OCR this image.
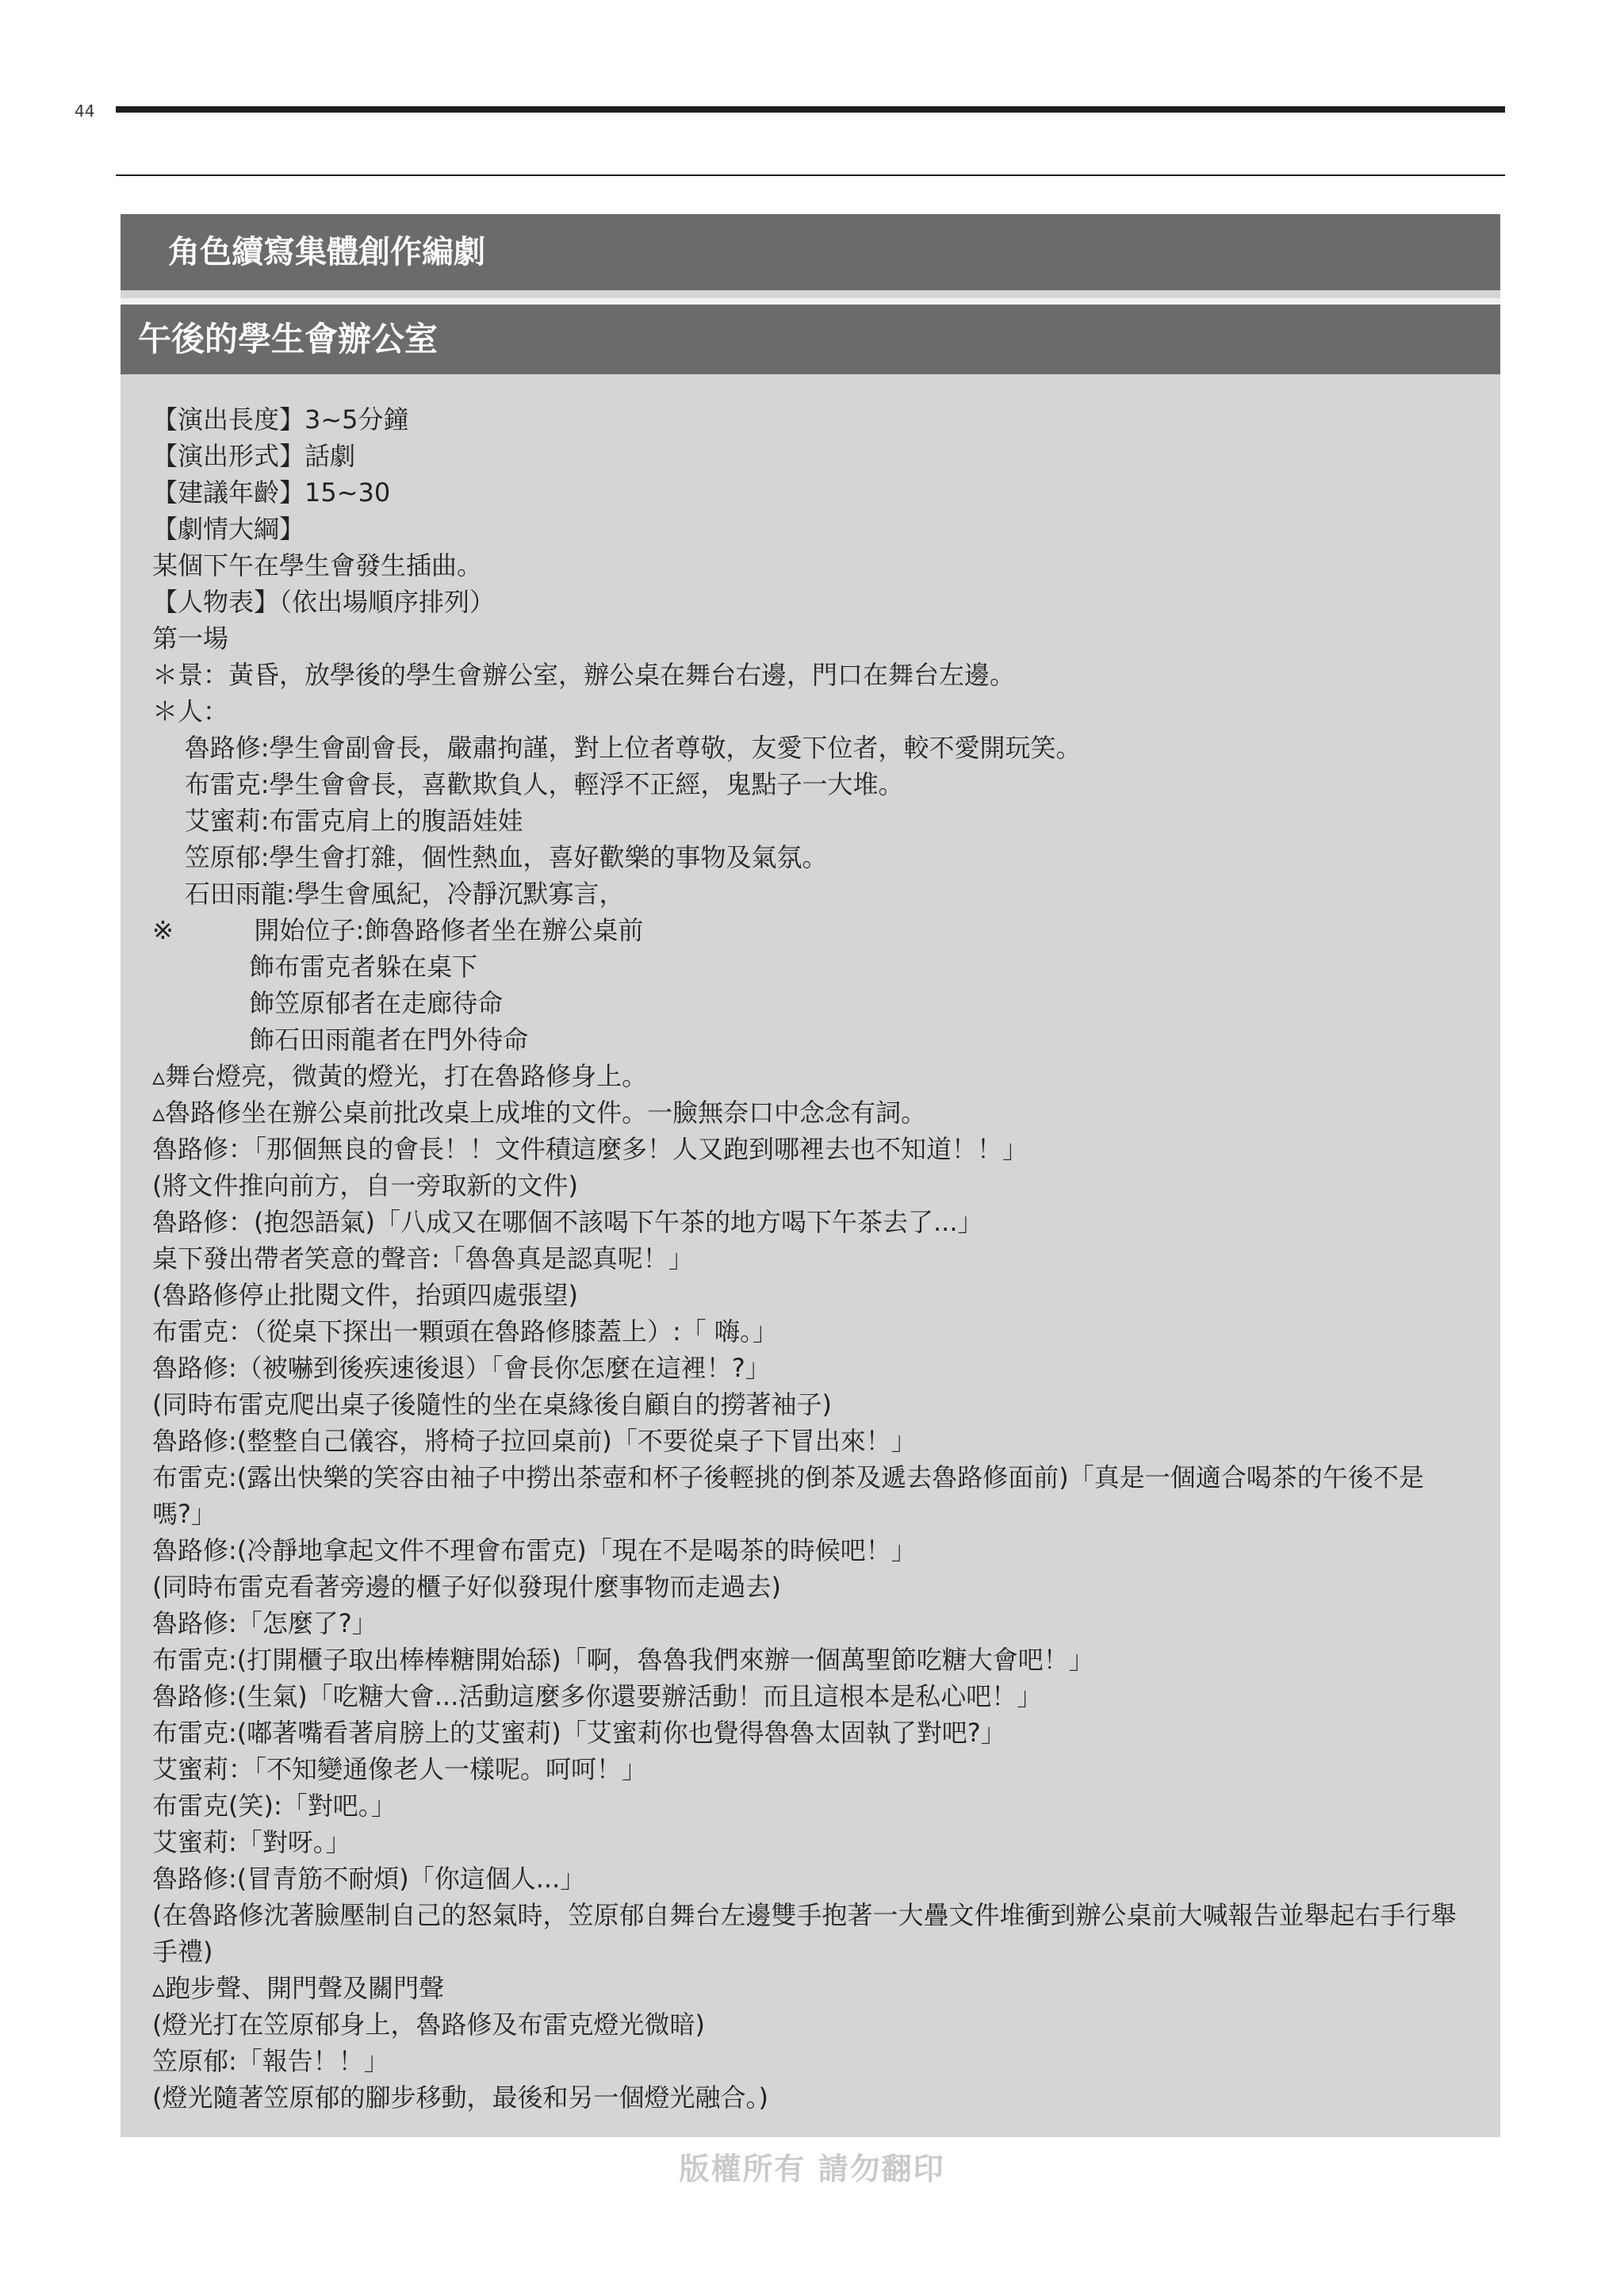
44
角色續寫集體創作編劇
午後的學生會辦公室
【演出長度】3~5分鐘
【演出形式】話劇
【建議年齡】15~30
【劇情大綱】
某個下午在學生會發生插曲。
【人物表】（依出場順序排列）
第一場
＊景：黃昏，放學後的學生會辦公室，辦公桌在舞台右邊，門口在舞台左邊。
＊人：
魯路修:學生會副會長，嚴肅拘謹，對上位者尊敬，友愛下位者，較不愛開玩笑。
布雷克:學生會會長，喜歡欺負人，輕浮不正經，鬼點子一大堆。
艾蜜莉:布雷克肩上的腹語娃娃
笠原郁:學生會打雜，個性熱血，喜好歡樂的事物及氣氛。
石田雨龍:學生會風紀，冷靜沉默寡言，
※          開始位子:飾魯路修者坐在辦公桌前
飾布雷克者躲在桌下
飾笠原郁者在走廊待命
飾石田雨龍者在門外待命
▵舞台燈亮，微黃的燈光，打在魯路修身上。
▵魯路修坐在辦公桌前批改桌上成堆的文件。一臉無奈口中念念有詞。
魯路修：「那個無良的會長！！文件積這麼多！人又跑到哪裡去也不知道！！」
(將文件推向前方，自一旁取新的文件)
魯路修：(抱怨語氣)「八成又在哪個不該喝下午茶的地方喝下午茶去了...」
桌下發出帶者笑意的聲音:「魯魯真是認真呢！」
(魯路修停止批閱文件，抬頭四處張望)
布雷克：（從桌下探出一顆頭在魯路修膝蓋上）:「 嗨。」
魯路修:（被嚇到後疾速後退）「會長你怎麼在這裡！?」
(同時布雷克爬出桌子後隨性的坐在桌緣後自顧自的撈著袖子)
魯路修:(整整自己儀容，將椅子拉回桌前)「不要從桌子下冒出來！」
布雷克:(露出快樂的笑容由袖子中撈出茶壺和杯子後輕挑的倒茶及遞去魯路修面前)「真是一個適合喝茶的午後不是嗎?」
魯路修:(冷靜地拿起文件不理會布雷克)「現在不是喝茶的時候吧！」
(同時布雷克看著旁邊的櫃子好似發現什麼事物而走過去)
魯路修:「怎麼了?」
布雷克:(打開櫃子取出棒棒糖開始舔)「啊，魯魯我們來辦一個萬聖節吃糖大會吧！」
魯路修:(生氣)「吃糖大會...活動這麼多你還要辦活動！而且這根本是私心吧！」
布雷克:(嘟著嘴看著肩膀上的艾蜜莉)「艾蜜莉你也覺得魯魯太固執了對吧?」
艾蜜莉：「不知變通像老人一樣呢。呵呵！」
布雷克(笑):「對吧。」
艾蜜莉:「對呀。」
魯路修:(冒青筋不耐煩)「你這個人...」
(在魯路修沈著臉壓制自己的怒氣時，笠原郁自舞台左邊雙手抱著一大疊文件堆衝到辦公桌前大喊報告並舉起右手行舉手禮)
▵跑步聲、開門聲及關門聲
(燈光打在笠原郁身上，魯路修及布雷克燈光微暗)
笠原郁:「報告！！」
(燈光隨著笠原郁的腳步移動，最後和另一個燈光融合。)
版權所有 請勿翻印
